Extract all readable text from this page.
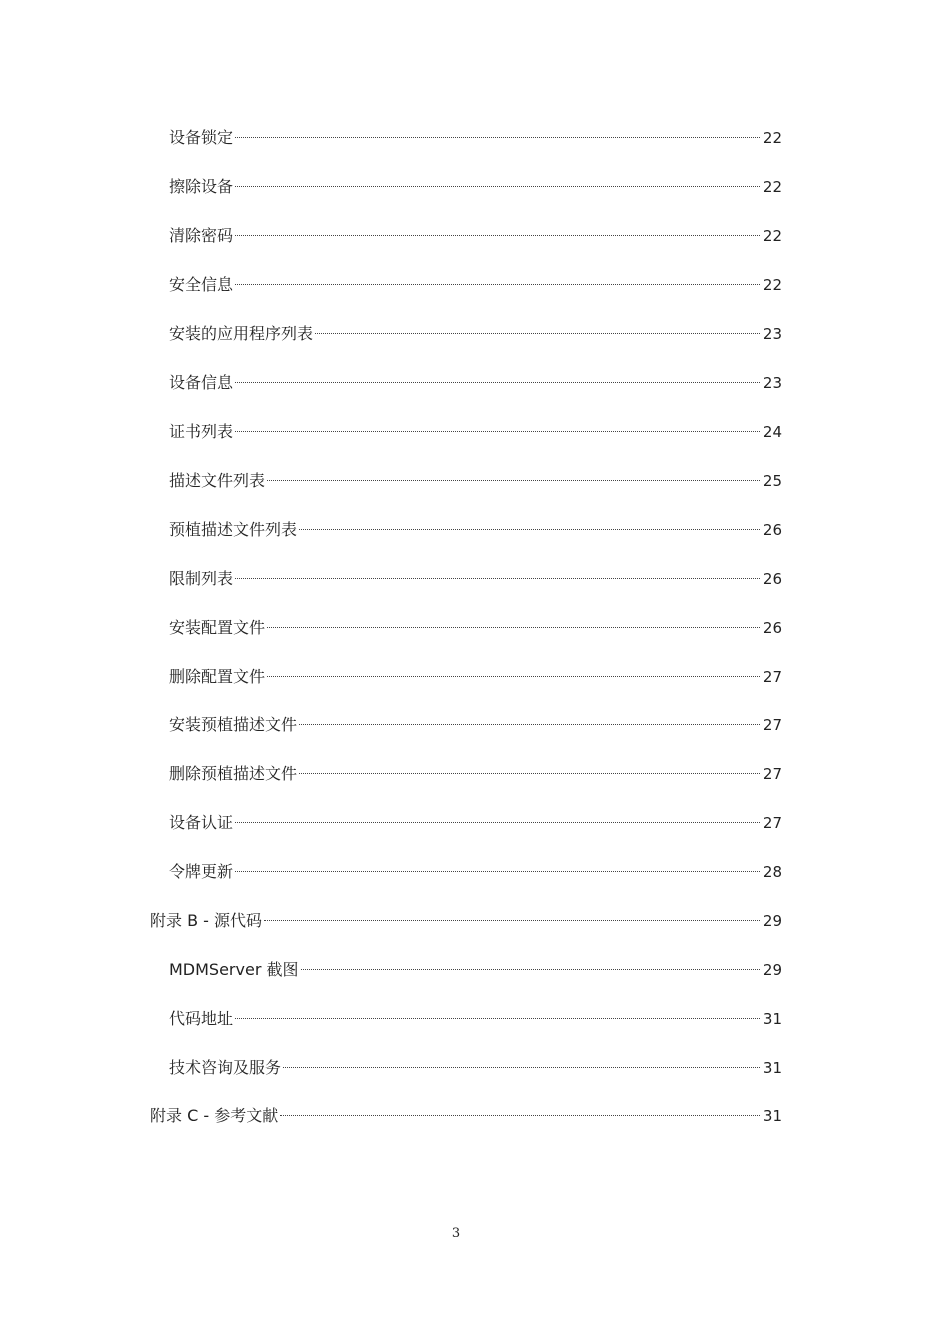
设备锁定	22
擦除设备	22
清除密码	22
安全信息	22
安装的应用程序列表	23
设备信息	23
证书列表	24
描述文件列表	25
预植描述文件列表	26
限制列表	26
安装配置文件	26
删除配置文件	27
安装预植描述文件	27
删除预植描述文件	27
设备认证	27
令牌更新	28
附录 B - 源代码	29
MDMServer 截图	29
代码地址	31
技术咨询及服务	31
附录 C - 参考文献	31
3
